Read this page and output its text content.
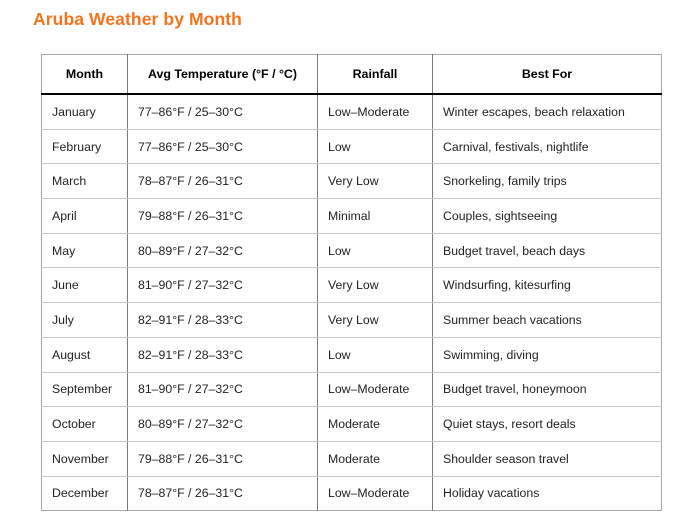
Aruba Weather by Month
Month	Avg Temperature (°F / °C)	Rainfall	Best For
January	77–86°F / 25–30°C	Low–Moderate	Winter escapes, beach relaxation
February	77–86°F / 25–30°C	Low	Carnival, festivals, nightlife
March	78–87°F / 26–31°C	Very Low	Snorkeling, family trips
April	79–88°F / 26–31°C	Minimal	Couples, sightseeing
May	80–89°F / 27–32°C	Low	Budget travel, beach days
June	81–90°F / 27–32°C	Very Low	Windsurfing, kitesurfing
July	82–91°F / 28–33°C	Very Low	Summer beach vacations
August	82–91°F / 28–33°C	Low	Swimming, diving
September	81–90°F / 27–32°C	Low–Moderate	Budget travel, honeymoon
October	80–89°F / 27–32°C	Moderate	Quiet stays, resort deals
November	79–88°F / 26–31°C	Moderate	Shoulder season travel
December	78–87°F / 26–31°C	Low–Moderate	Holiday vacations
